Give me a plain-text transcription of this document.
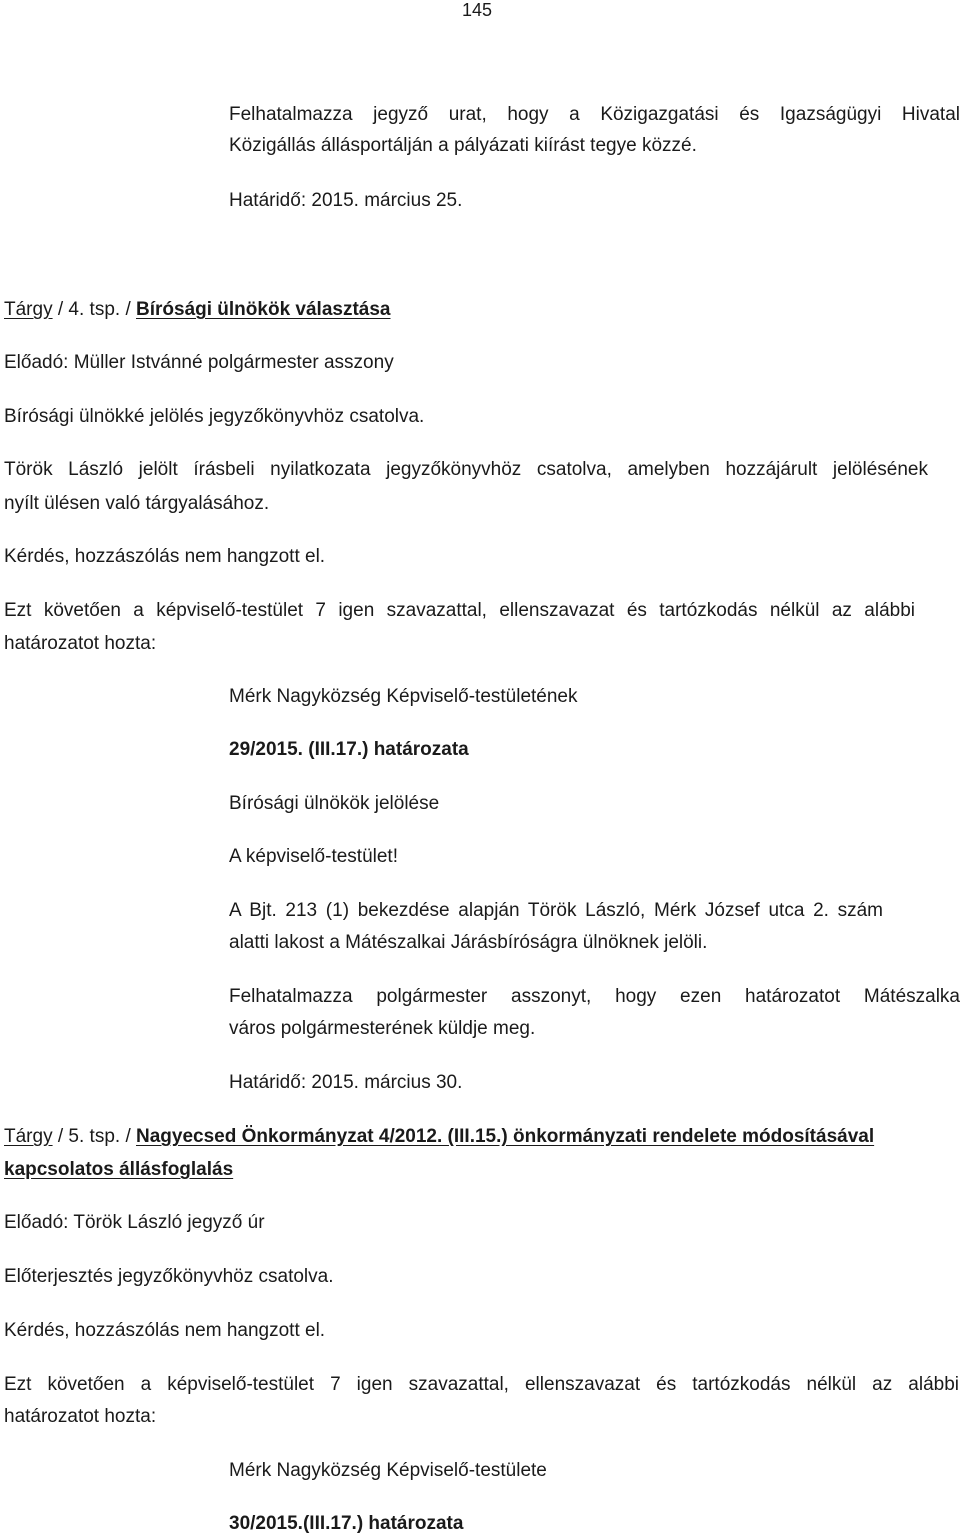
145

Felhatalmazza jegyző urat, hogy a Közigazgatási és Igazságügyi Hivatal

Közigállás állásportálján a pályázati kiírást tegye közzé.

Határidő: 2015. március 25.

Tárgy / 4. tsp. / Bírósági ülnökök választása

Előadó: Müller Istvánné polgármester asszony

Bírósági ülnökké jelölés jegyzőkönyvhöz csatolva.

Török László jelölt írásbeli nyilatkozata jegyzőkönyvhöz csatolva, amelyben hozzájárult jelölésének

nyílt ülésen való tárgyalásához.

Kérdés, hozzászólás nem hangzott el.

Ezt követően a képviselő-testület 7 igen szavazattal, ellenszavazat és tartózkodás nélkül az alábbi

határozatot hozta:

Mérk Nagyközség Képviselő-testületének

29/2015. (III.17.) határozata

Bírósági ülnökök jelölése

A képviselő-testület!

A Bjt. 213 (1) bekezdése alapján Török László, Mérk József utca 2. szám

alatti lakost a Mátészalkai Járásbíróságra ülnöknek jelöli.

Felhatalmazza polgármester asszonyt, hogy ezen határozatot Mátészalka

város polgármesterének küldje meg.

Határidő: 2015. március 30.

Tárgy / 5. tsp. / Nagyecsed Önkormányzat 4/2012. (III.15.) önkormányzati rendelete módosításával

kapcsolatos állásfoglalás

Előadó: Török László jegyző úr

Előterjesztés jegyzőkönyvhöz csatolva.

Kérdés, hozzászólás nem hangzott el.

Ezt követően a képviselő-testület 7 igen szavazattal, ellenszavazat és tartózkodás nélkül az alábbi

határozatot hozta:

Mérk Nagyközség Képviselő-testülete

30/2015.(III.17.) határozata
